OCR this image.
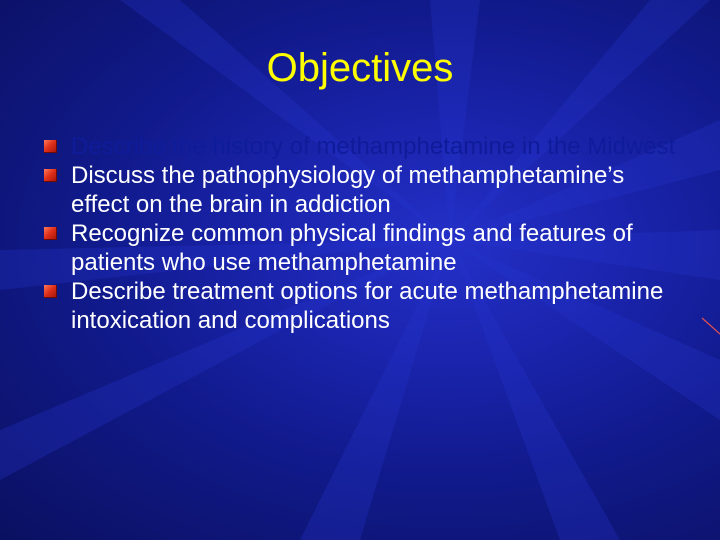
Objectives
Describe the history of methamphetamine in the Midwest
Discuss the pathophysiology of methamphetamine’s effect on the brain in addiction
Recognize common physical findings and features of patients who use methamphetamine
Describe treatment options for acute methamphetamine intoxication and complications
